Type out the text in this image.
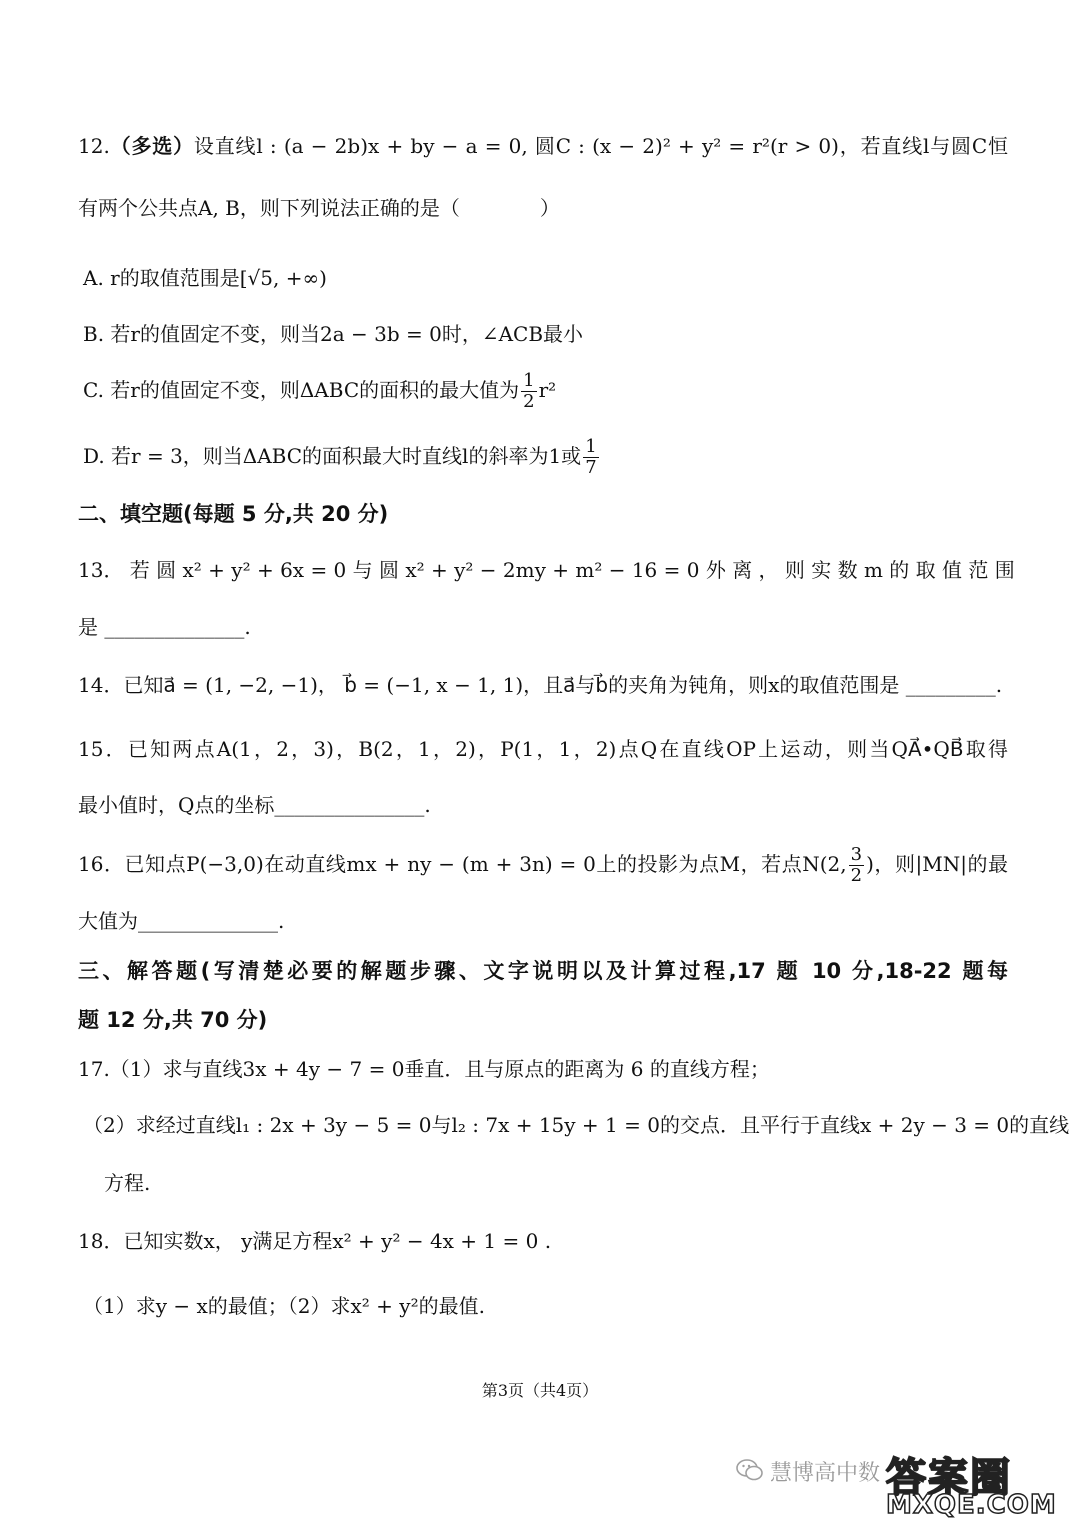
12.（多选）设直线l : (a − 2b)x + by − a = 0, 圆C : (x − 2)² + y² = r²(r > 0)，若直线l与圆C恒
有两个公共点A, B，则下列说法正确的是（　　　　）
A. r的取值范围是[√5, +∞)
B. 若r的值固定不变，则当2a − 3b = 0时，∠ACB最小
C. 若r的值固定不变，则ΔABC的面积的最大值为 $\frac{1}{2} r^2$
D. 若r = 3，则当ΔABC的面积最大时直线l的斜率为1或 $\frac{1}{7}$
二、填空题(每题 5 分,共 20 分)
13． 若 圆 x² + y² + 6x = 0 与 圆 x² + y² − 2my + m² − 16 = 0 外 离 ， 则 实 数 m 的 取 值 范 围
是 ______________.
14．已知a⃗ = (1, −2, −1)， b⃗ = (−1, x − 1, 1)，且a⃗与b⃗的夹角为钝角，则x的取值范围是 _________.
15．已知两点A(1，2，3)，B(2，1，2)，P(1，1，2)点Q在直线OP上运动，则当QA⃗•QB⃗取得
最小值时，Q点的坐标_______________.
16．已知点P(−3,0)在动直线mx + ny − (m + 3n) = 0上的投影为点M，若点N(2, $\frac{3}{2}$ )，则|MN|的最
大值为______________.
三、解答题(写清楚必要的解题步骤、文字说明以及计算过程,17 题 10 分,18-22 题每
题 12 分,共 70 分)
17.（1）求与直线3x + 4y − 7 = 0垂直．且与原点的距离为 6 的直线方程；
（2）求经过直线l₁ : 2x + 3y − 5 = 0与l₂ : 7x + 15y + 1 = 0的交点．且平行于直线x + 2y − 3 = 0的直线
方程.
18．已知实数x， y满足方程x² + y² − 4x + 1 = 0 .
（1）求y − x的最值；（2）求x² + y²的最值.
第3页（共4页）
慧博高中数 答案圈
MXQE.COM
